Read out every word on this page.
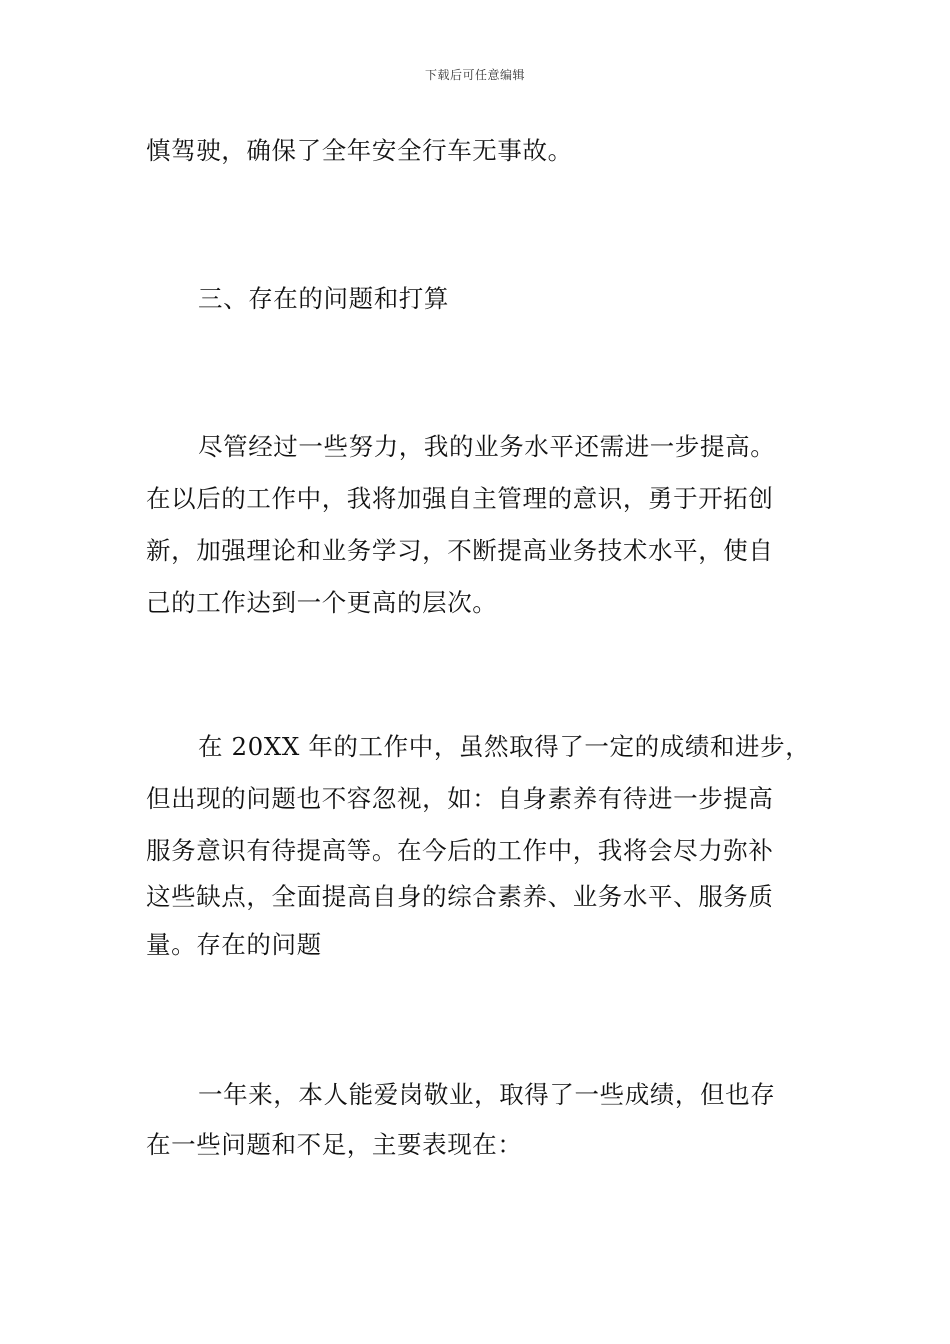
下载后可任意编辑
慎驾驶，确保了全年安全行车无事故。
三、存在的问题和打算
尽管经过一些努力，我的业务水平还需进一步提高。
在以后的工作中，我将加强自主管理的意识，勇于开拓创
新，加强理论和业务学习，不断提高业务技术水平，使自
己的工作达到一个更高的层次。
在 20XX 年的工作中，虽然取得了一定的成绩和进步，
但出现的问题也不容忽视，如：自身素养有待进一步提高
服务意识有待提高等。在今后的工作中，我将会尽力弥补
这些缺点，全面提高自身的综合素养、业务水平、服务质
量。存在的问题
一年来，本人能爱岗敬业，取得了一些成绩，但也存
在一些问题和不足，主要表现在：
